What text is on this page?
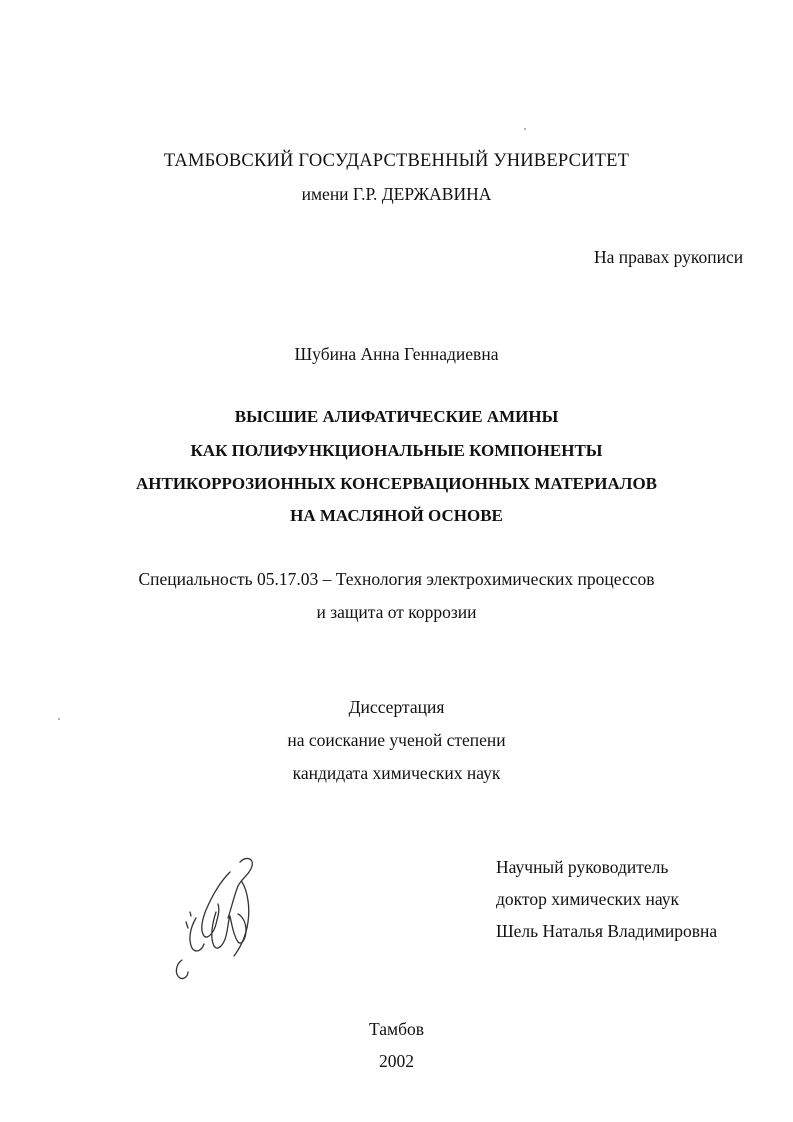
ТАМБОВСКИЙ ГОСУДАРСТВЕННЫЙ УНИВЕРСИТЕТ
имени Г.Р. ДЕРЖАВИНА
На правах рукописи
Шубина Анна Геннадиевна
ВЫСШИЕ АЛИФАТИЧЕСКИЕ АМИНЫ
КАК ПОЛИФУНКЦИОНАЛЬНЫЕ КОМПОНЕНТЫ
АНТИКОРРОЗИОННЫХ КОНСЕРВАЦИОННЫХ МАТЕРИАЛОВ
НА МАСЛЯНОЙ ОСНОВЕ
Специальность 05.17.03 – Технология электрохимических процессов
и защита от коррозии
Диссертация
на соискание ученой степени
кандидата химических наук
Научный руководитель
доктор химических наук
Шель Наталья Владимировна
Тамбов
2002
